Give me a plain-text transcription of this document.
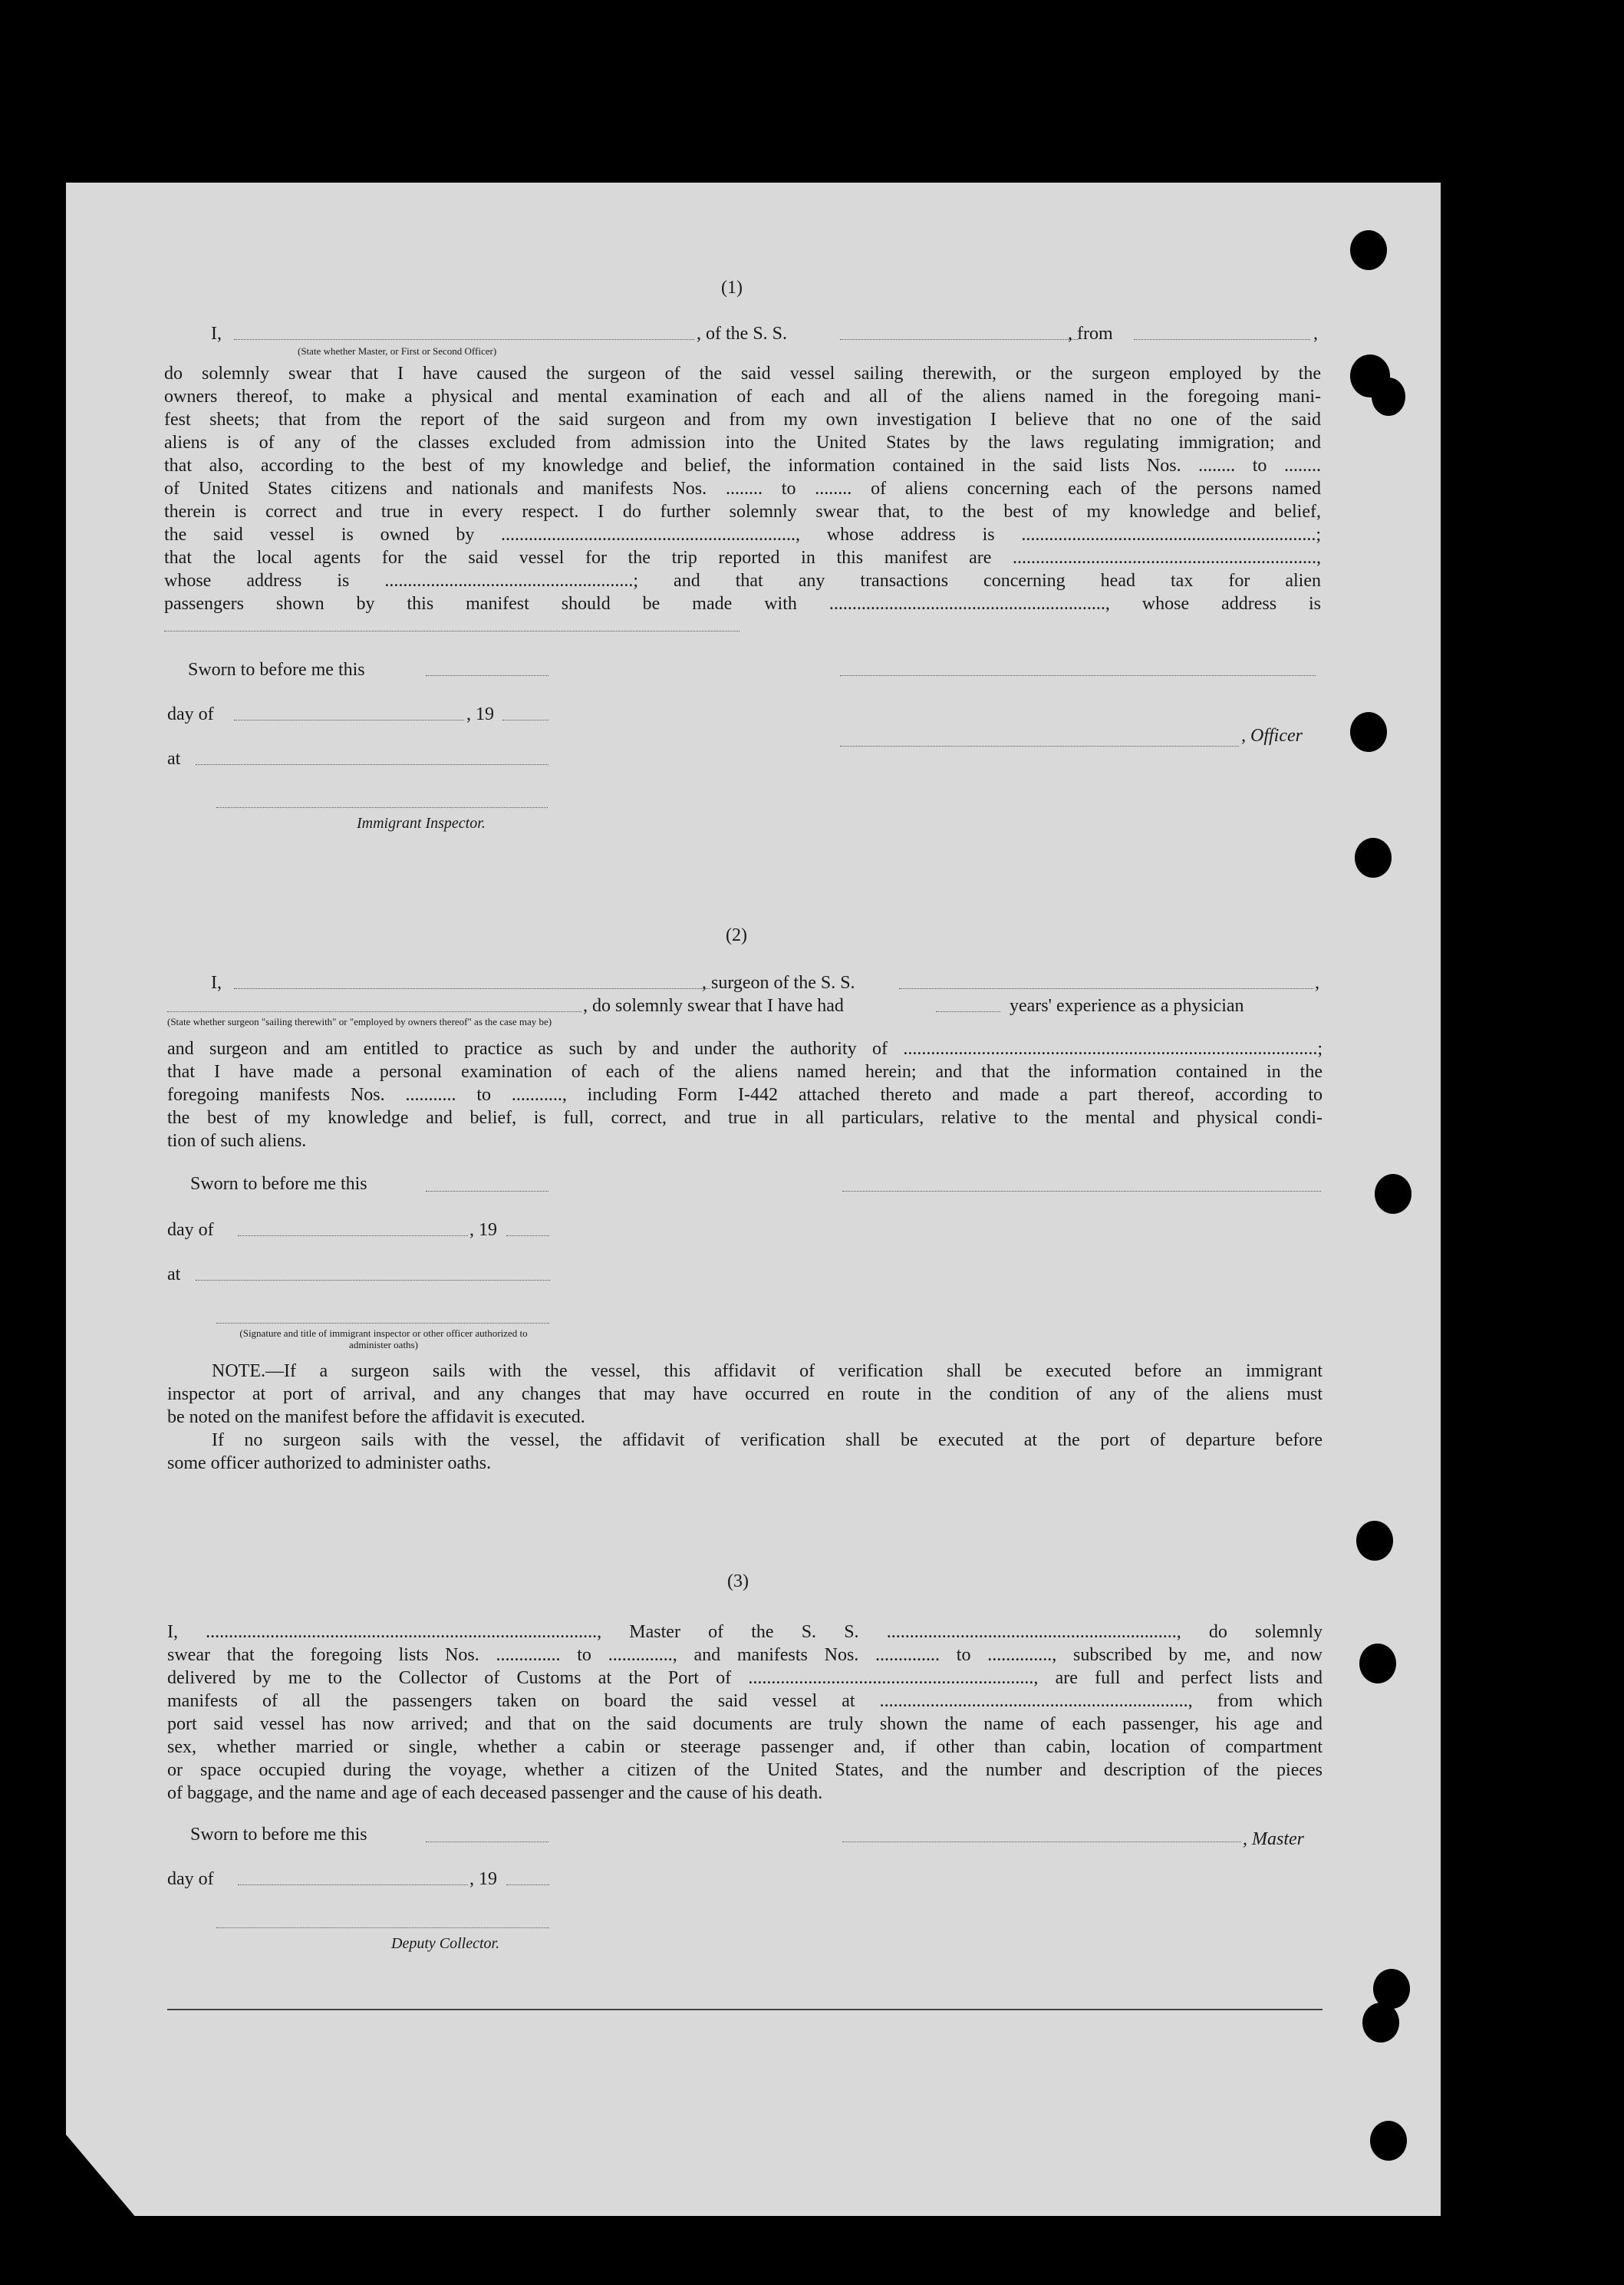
(1)
I,	, of the S. S.	, from	,
(State whether Master, or First or Second Officer)
do solemnly swear that I have caused the surgeon of the said vessel sailing therewith, or the surgeon employed by the
owners thereof, to make a physical and mental examination of each and all of the aliens named in the foregoing mani-
fest sheets; that from the report of the said surgeon and from my own investigation I believe that no one of the said
aliens is of any of the classes excluded from admission into the United States by the laws regulating immigration; and
that also, according to the best of my knowledge and belief, the information contained in the said lists Nos. ........ to ........
of United States citizens and nationals and manifests Nos. ........ to ........ of aliens concerning each of the persons named
therein is correct and true in every respect. I do further solemnly swear that, to the best of my knowledge and belief,
the said vessel is owned by ................................................................, whose address is ................................................................;
that the local agents for the said vessel for the trip reported in this manifest are ..................................................................,
whose address is ......................................................; and that any transactions concerning head tax for alien
passengers shown by this manifest should be made with ............................................................, whose address is
Sworn to before me this
day of	, 19
, Officer
at
Immigrant Inspector.
(2)
I,	, surgeon of the S. S.	,
, do solemnly swear that I have had	years' experience as a physician
(State whether surgeon "sailing therewith" or "employed by owners thereof" as the case may be)
and surgeon and am entitled to practice as such by and under the authority of ..........................................................................................;
that I have made a personal examination of each of the aliens named herein; and that the information contained in the
foregoing manifests Nos. ........... to ..........., including Form I-442 attached thereto and made a part thereof, according to
the best of my knowledge and belief, is full, correct, and true in all particulars, relative to the mental and physical condi-
tion of such aliens.
Sworn to before me this
day of	, 19
at
(Signature and title of immigrant inspector or other officer authorized to administer oaths)
NOTE.—If a surgeon sails with the vessel, this affidavit of verification shall be executed before an immigrant
inspector at port of arrival, and any changes that may have occurred en route in the condition of any of the aliens must
be noted on the manifest before the affidavit is executed.
If no surgeon sails with the vessel, the affidavit of verification shall be executed at the port of departure before
some officer authorized to administer oaths.
(3)
I, ....................................................................................., Master of the S. S. ..............................................................., do solemnly
swear that the foregoing lists Nos. .............. to .............., and manifests Nos. .............. to .............., subscribed by me, and now
delivered by me to the Collector of Customs at the Port of .............................................................., are full and perfect lists and
manifests of all the passengers taken on board the said vessel at ..................................................................., from which
port said vessel has now arrived; and that on the said documents are truly shown the name of each passenger, his age and
sex, whether married or single, whether a cabin or steerage passenger and, if other than cabin, location of compartment
or space occupied during the voyage, whether a citizen of the United States, and the number and description of the pieces
of baggage, and the name and age of each deceased passenger and the cause of his death.
Sworn to before me this	, Master
day of	, 19
Deputy Collector.
